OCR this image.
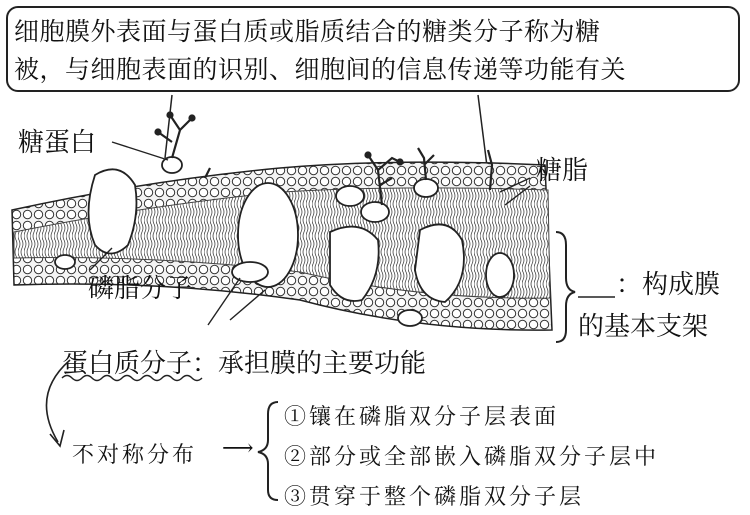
细胞膜外表面与蛋白质或脂质结合的糖类分子称为糖
被，与细胞表面的识别、细胞间的信息传递等功能有关
糖蛋白
糖脂
磷脂分子	：构成膜
的基本支架
蛋白质分子：承担膜的主要功能
不对称分布 ⟶
①镶在磷脂双分子层表面
②部分或全部嵌入磷脂双分子层中
③贯穿于整个磷脂双分子层
